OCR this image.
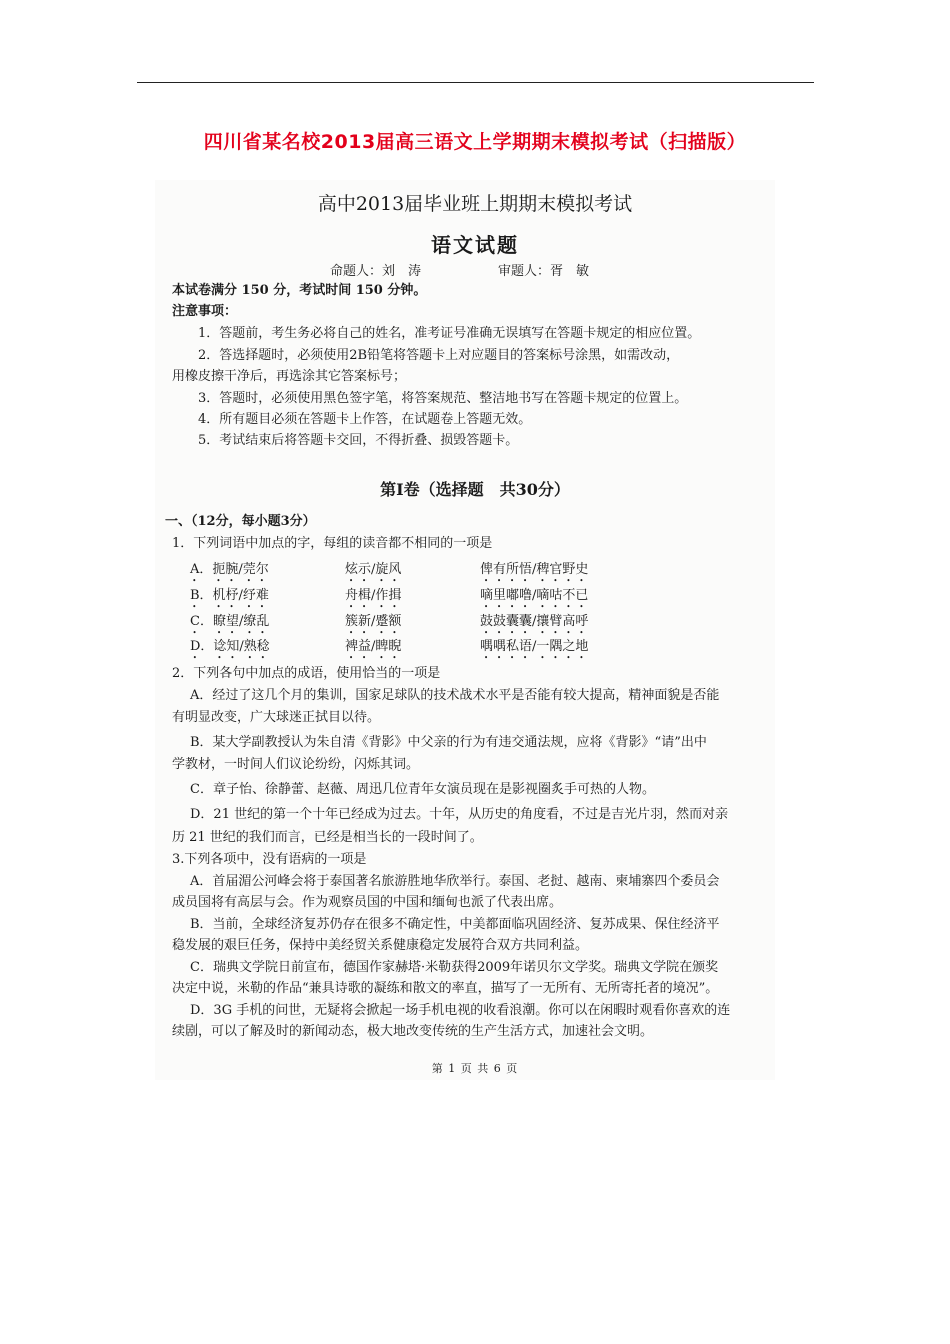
四川省某名校2013届高三语文上学期期末模拟考试（扫描版）
高中2013届毕业班上期期末模拟考试
语文试题
命题人：刘　涛	审题人：胥　敏
本试卷满分 150 分，考试时间 150 分钟。
注意事项：
1．答题前，考生务必将自己的姓名，准考证号准确无误填写在答题卡规定的相应位置。
2．答选择题时，必须使用2B铅笔将答题卡上对应题目的答案标号涂黑，如需改动，
用橡皮擦干净后，再选涂其它答案标号；
3．答题时，必须使用黑色签字笔，将答案规范、整洁地书写在答题卡规定的位置上。
4．所有题目必须在答题卡上作答，在试题卷上答题无效。
5．考试结束后将答题卡交回，不得折叠、损毁答题卡。
第Ⅰ卷（选择题　共30分）
一、（12分，每小题3分）
1．下列词语中加点的字，每组的读音都不相同的一项是
A．扼腕/莞尔	炫示/旋风	俾有所悟/稗官野史
B．机杼/纾难	舟楫/作揖	嘀里嘟噜/嘀咕不已
C．瞭望/缭乱	簇新/蹙额	鼓鼓囊囊/攘臂高呼
D．谂知/熟稔	裨益/睥睨	喁喁私语/一隅之地
2．下列各句中加点的成语，使用恰当的一项是
A．经过了这几个月的集训，国家足球队的技术战术水平是否能有较大提高，精神面貌是否能
有明显改变，广大球迷正拭目以待。
B．某大学副教授认为朱自清《背影》中父亲的行为有违交通法规，应将《背影》“请”出中
学教材，一时间人们议论纷纷，闪烁其词。
C．章子怡、徐静蕾、赵薇、周迅几位青年女演员现在是影视圈炙手可热的人物。
D．21 世纪的第一个十年已经成为过去。十年，从历史的角度看，不过是吉光片羽，然而对亲
历 21 世纪的我们而言，已经是相当长的一段时间了。
3.下列各项中，没有语病的一项是
A．首届湄公河峰会将于泰国著名旅游胜地华欣举行。泰国、老挝、越南、柬埔寨四个委员会
成员国将有高层与会。作为观察员国的中国和缅甸也派了代表出席。
B．当前，全球经济复苏仍存在很多不确定性，中美都面临巩固经济、复苏成果、保住经济平
稳发展的艰巨任务，保持中美经贸关系健康稳定发展符合双方共同利益。
C．瑞典文学院日前宣布，德国作家赫塔·米勒获得2009年诺贝尔文学奖。瑞典文学院在颁奖
决定中说，米勒的作品“兼具诗歌的凝练和散文的率直，描写了一无所有、无所寄托者的境况”。
D．3G 手机的问世，无疑将会掀起一场手机电视的收看浪潮。你可以在闲暇时观看你喜欢的连
续剧，可以了解及时的新闻动态，极大地改变传统的生产生活方式，加速社会文明。
第 1 页 共 6 页
